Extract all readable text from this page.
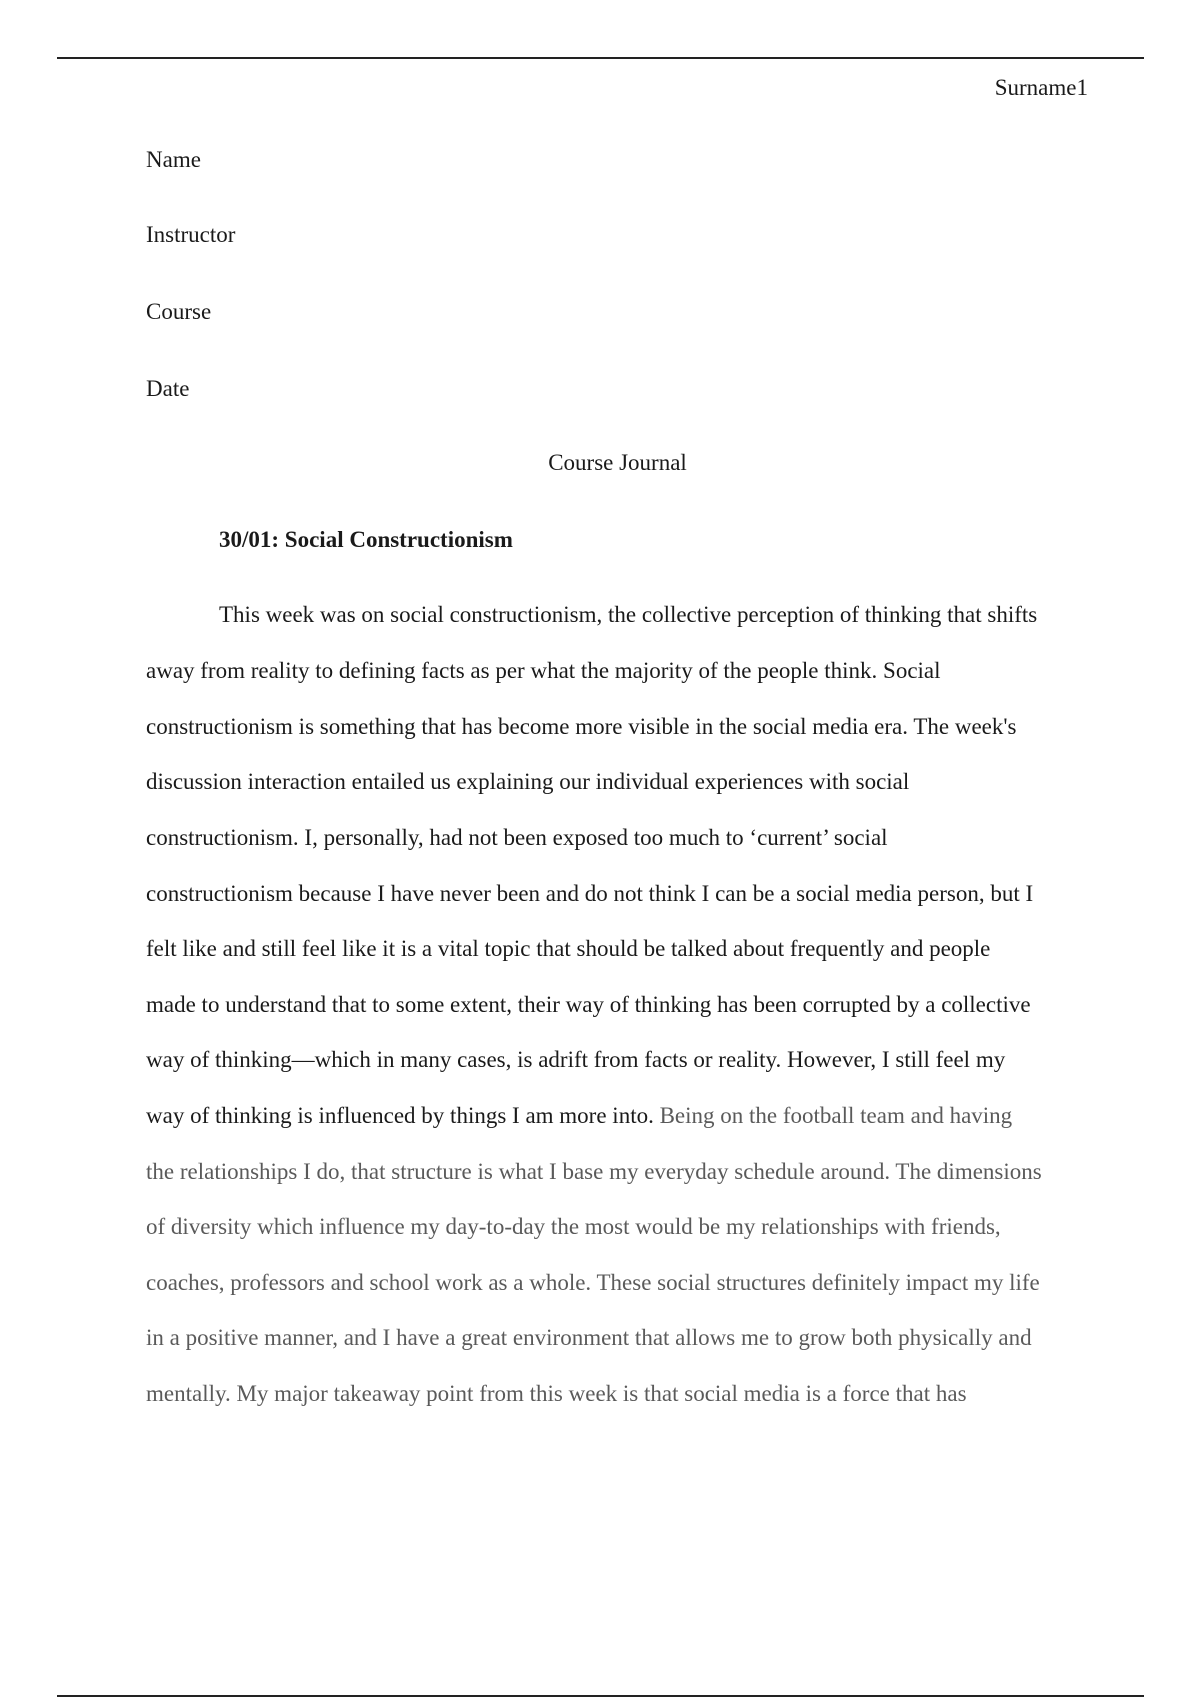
Surname1
Name
Instructor
Course
Date
Course Journal
30/01: Social Constructionism
This week was on social constructionism, the collective perception of thinking that shifts
away from reality to defining facts as per what the majority of the people think. Social
constructionism is something that has become more visible in the social media era. The week's
discussion interaction entailed us explaining our individual experiences with social
constructionism. I, personally, had not been exposed too much to ‘current’ social
constructionism because I have never been and do not think I can be a social media person, but I
felt like and still feel like it is a vital topic that should be talked about frequently and people
made to understand that to some extent, their way of thinking has been corrupted by a collective
way of thinking—which in many cases, is adrift from facts or reality. However, I still feel my
way of thinking is influenced by things I am more into. Being on the football team and having
the relationships I do, that structure is what I base my everyday schedule around. The dimensions
of diversity which influence my day-to-day the most would be my relationships with friends,
coaches, professors and school work as a whole. These social structures definitely impact my life
in a positive manner, and I have a great environment that allows me to grow both physically and
mentally. My major takeaway point from this week is that social media is a force that has
